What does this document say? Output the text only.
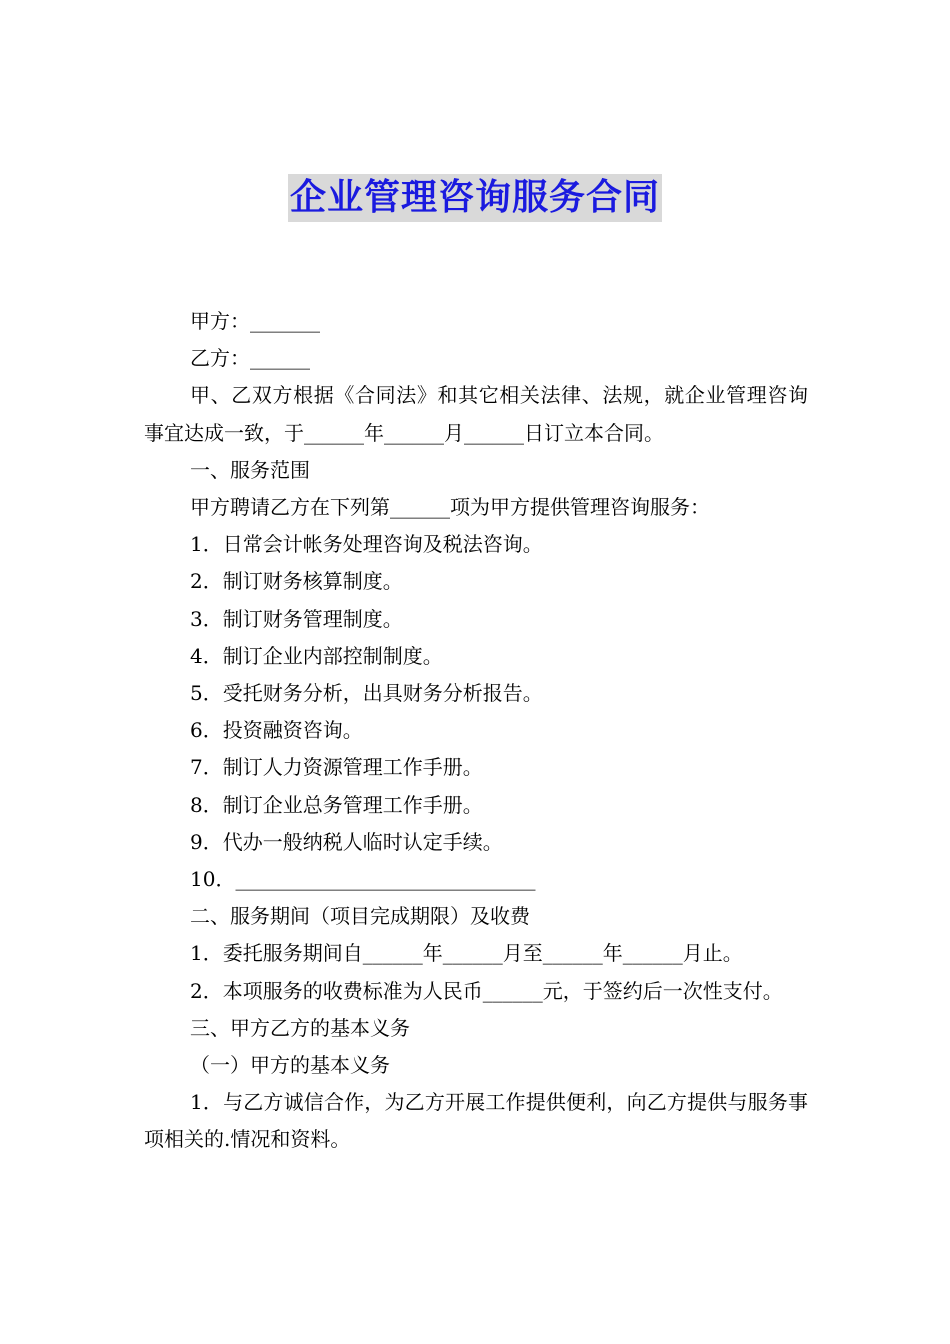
企业管理咨询服务合同

甲方：_______

乙方：______

甲、乙双方根据《合同法》和其它相关法律、法规，就企业管理咨询事宜达成一致，于______年______月______日订立本合同。

一、服务范围

甲方聘请乙方在下列第______项为甲方提供管理咨询服务：

1．日常会计帐务处理咨询及税法咨询。

2．制订财务核算制度。

3．制订财务管理制度。

4．制订企业内部控制制度。

5．受托财务分析，出具财务分析报告。

6．投资融资咨询。

7．制订人力资源管理工作手册。

8．制订企业总务管理工作手册。

9．代办一般纳税人临时认定手续。

10．______________________________

二、服务期间（项目完成期限）及收费

1．委托服务期间自______年______月至______年______月止。

2．本项服务的收费标准为人民币______元，于签约后一次性支付。

三、甲方乙方的基本义务

（一）甲方的基本义务

1．与乙方诚信合作，为乙方开展工作提供便利，向乙方提供与服务事项相关的.情况和资料。
